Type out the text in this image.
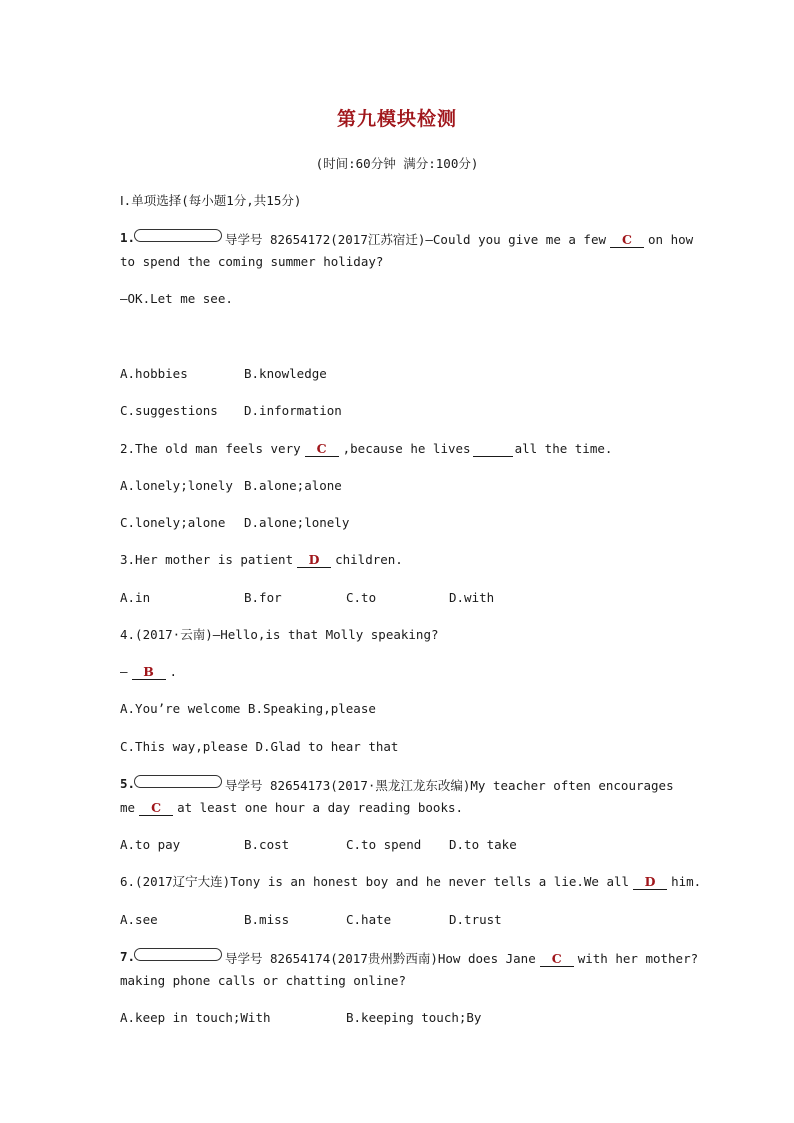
第九模块检测
(时间:60分钟 满分:100分)
Ⅰ.单项选择(每小题1分,共15分)
导学号 82654172(2017江苏宿迁)—Could you give me a few C on how
1.
to spend the coming summer holiday?
—OK.Let me see.
A.hobbies	B.knowledge
C.suggestions D.information
2.The old man feels very C ,because he lives	all the time.
A.lonely;lonely B.alone;alone
C.lonely;alone D.alone;lonely
3.Her mother is patient D children.
A.in	B.for	C.to	D.with
4.(2017·云南)—Hello,is that Molly speaking?
— B .
A.You’re welcome B.Speaking,please
C.This way,please D.Glad to hear that
导学号 82654173(2017·黑龙江龙东改编)My teacher often encourages
5.
me C at least one hour a day reading books.
A.to pay	B.cost	C.to spend D.to take
6.(2017辽宁大连)Tony is an honest boy and he never tells a lie.We all D him.
A.see	B.miss	C.hate	D.trust
导学号 82654174(2017贵州黔西南)How does Jane C with her mother?
7.
making phone calls or chatting online?
A.keep in touch;With	B.keeping touch;By
